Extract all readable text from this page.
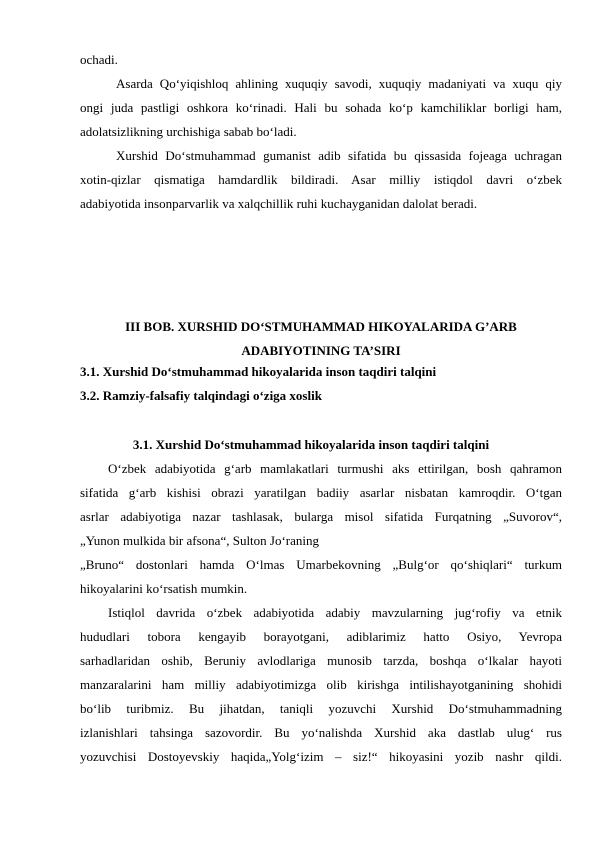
ochadi.
Asarda Qo‘yiqishloq ahlining xuquqiy savodi, xuquqiy madaniyati va xuqu qiy
ongi juda pastligi oshkora ko‘rinadi. Hali bu sohada ko‘p kamchiliklar borligi ham,
adolatsizlikning urchishiga sabab bo‘ladi.
Xurshid Do‘stmuhammad gumanist adib sifatida bu qissasida fojeaga uchragan
xotin-qizlar qismatiga hamdardlik bildiradi. Asar milliy istiqdol davri o‘zbek
adabiyotida insonparvarlik va xalqchillik ruhi kuchayganidan dalolat beradi.
III BOB. XURSHID DO‘STMUHAMMAD HIKOYALARIDA G’ARB
ADABIYOTINING TA’SIRI
3.1. Xurshid Do‘stmuhammad hikoyalarida inson taqdiri talqini
3.2. Ramziy-falsafiy talqindagi o‘ziga xoslik
3.1. Xurshid Do‘stmuhammad hikoyalarida inson taqdiri talqini
O‘zbek adabiyotida g‘arb mamlakatlari turmushi aks ettirilgan, bosh qahramon
sifatida g‘arb kishisi obrazi yaratilgan badiiy asarlar nisbatan kamroqdir. O‘tgan
asrlar adabiyotiga nazar tashlasak, bularga misol sifatida Furqatning „Suvorov“,
„Yunon mulkida bir afsona“, Sulton Jo‘raning
„Bruno“ dostonlari hamda O‘lmas Umarbekovning „Bulg‘or qo‘shiqlari“ turkum
hikoyalarini ko‘rsatish mumkin.
Istiqlol davrida o‘zbek adabiyotida adabiy mavzularning jug‘rofiy va etnik
hududlari tobora kengayib borayotgani, adiblarimiz hatto Osiyo, Yevropa
sarhadlaridan oshib, Beruniy avlodlariga munosib tarzda, boshqa o‘lkalar hayoti
manzaralarini ham milliy adabiyotimizga olib kirishga intilishayotganining shohidi
bo‘lib turibmiz. Bu jihatdan, taniqli yozuvchi Xurshid Do‘stmuhammadning
izlanishlari tahsinga sazovordir. Bu yo‘nalishda Xurshid aka dastlab ulug‘ rus
yozuvchisi Dostoyevskiy haqida„Yolg‘izim – siz!“ hikoyasini yozib nashr qildi.
